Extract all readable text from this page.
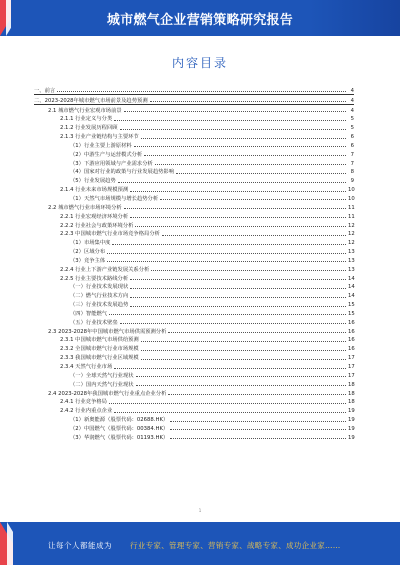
城市燃气企业营销策略研究报告
内容目录
一、前言	4
二、2023-2028年城市燃气市场前景及趋势预测	4
2.1 城市燃气行业宏观市场前景	4
2.1.1 行业定义与分类	5
2.1.2 行业发展历程回顾	5
2.1.3 行业产业链结构与主要环节	6
（1）行业主要上游原材料	6
（2）中游生产与运营模式分析	7
（3）下游应用领域与产业需求分析	7
（4）国家对行业的政策与行业发展趋势影响	8
（5）行业发展趋势	9
2.1.4 行业未来市场规模预测	10
（1）天然气市场规模与增长趋势分析	10
2.2 城市燃气行业市场环境分析	11
2.2.1 行业宏观经济环境分析	11
2.2.2 行业社会与政策环境分析	12
2.2.3 中国城市燃气行业市场竞争格局分析	12
（1）市场集中度	12
（2）区域分布	13
（3）竞争主体	13
2.2.4 行业上下游产业链发展关系分析	13
2.2.5 行业主要技术路线分析	14
（一）行业技术发展现状	14
（二）燃气行业技术方向	14
（三）行业技术发展趋势	15
（四）智能燃气	15
（五）行业技术壁垒	16
2.3 2023-2028年中国城市燃气市场供需预测分析	16
2.3.1 中国城市燃气市场供给预测	16
2.3.2 全国城市燃气行业市场规模	16
2.3.3 我国城市燃气行业区域规模	17
2.3.4 天然气行业市场	17
（一）全球天然气行业现状	17
（二）国内天然气行业现状	18
2.4 2023-2028年我国城市燃气行业重点企业分析	18
2.4.1 行业竞争格局	18
2.4.2 行业内重点企业	19
（1）新奥能源（股票代码：02688.HK）	19
（2）中国燃气（股票代码：00384.HK）	19
（3）华润燃气（股票代码：01193.HK）	19
1
让每个人都能成为 行业专家、管理专家、营销专家、战略专家、成功企业家……
